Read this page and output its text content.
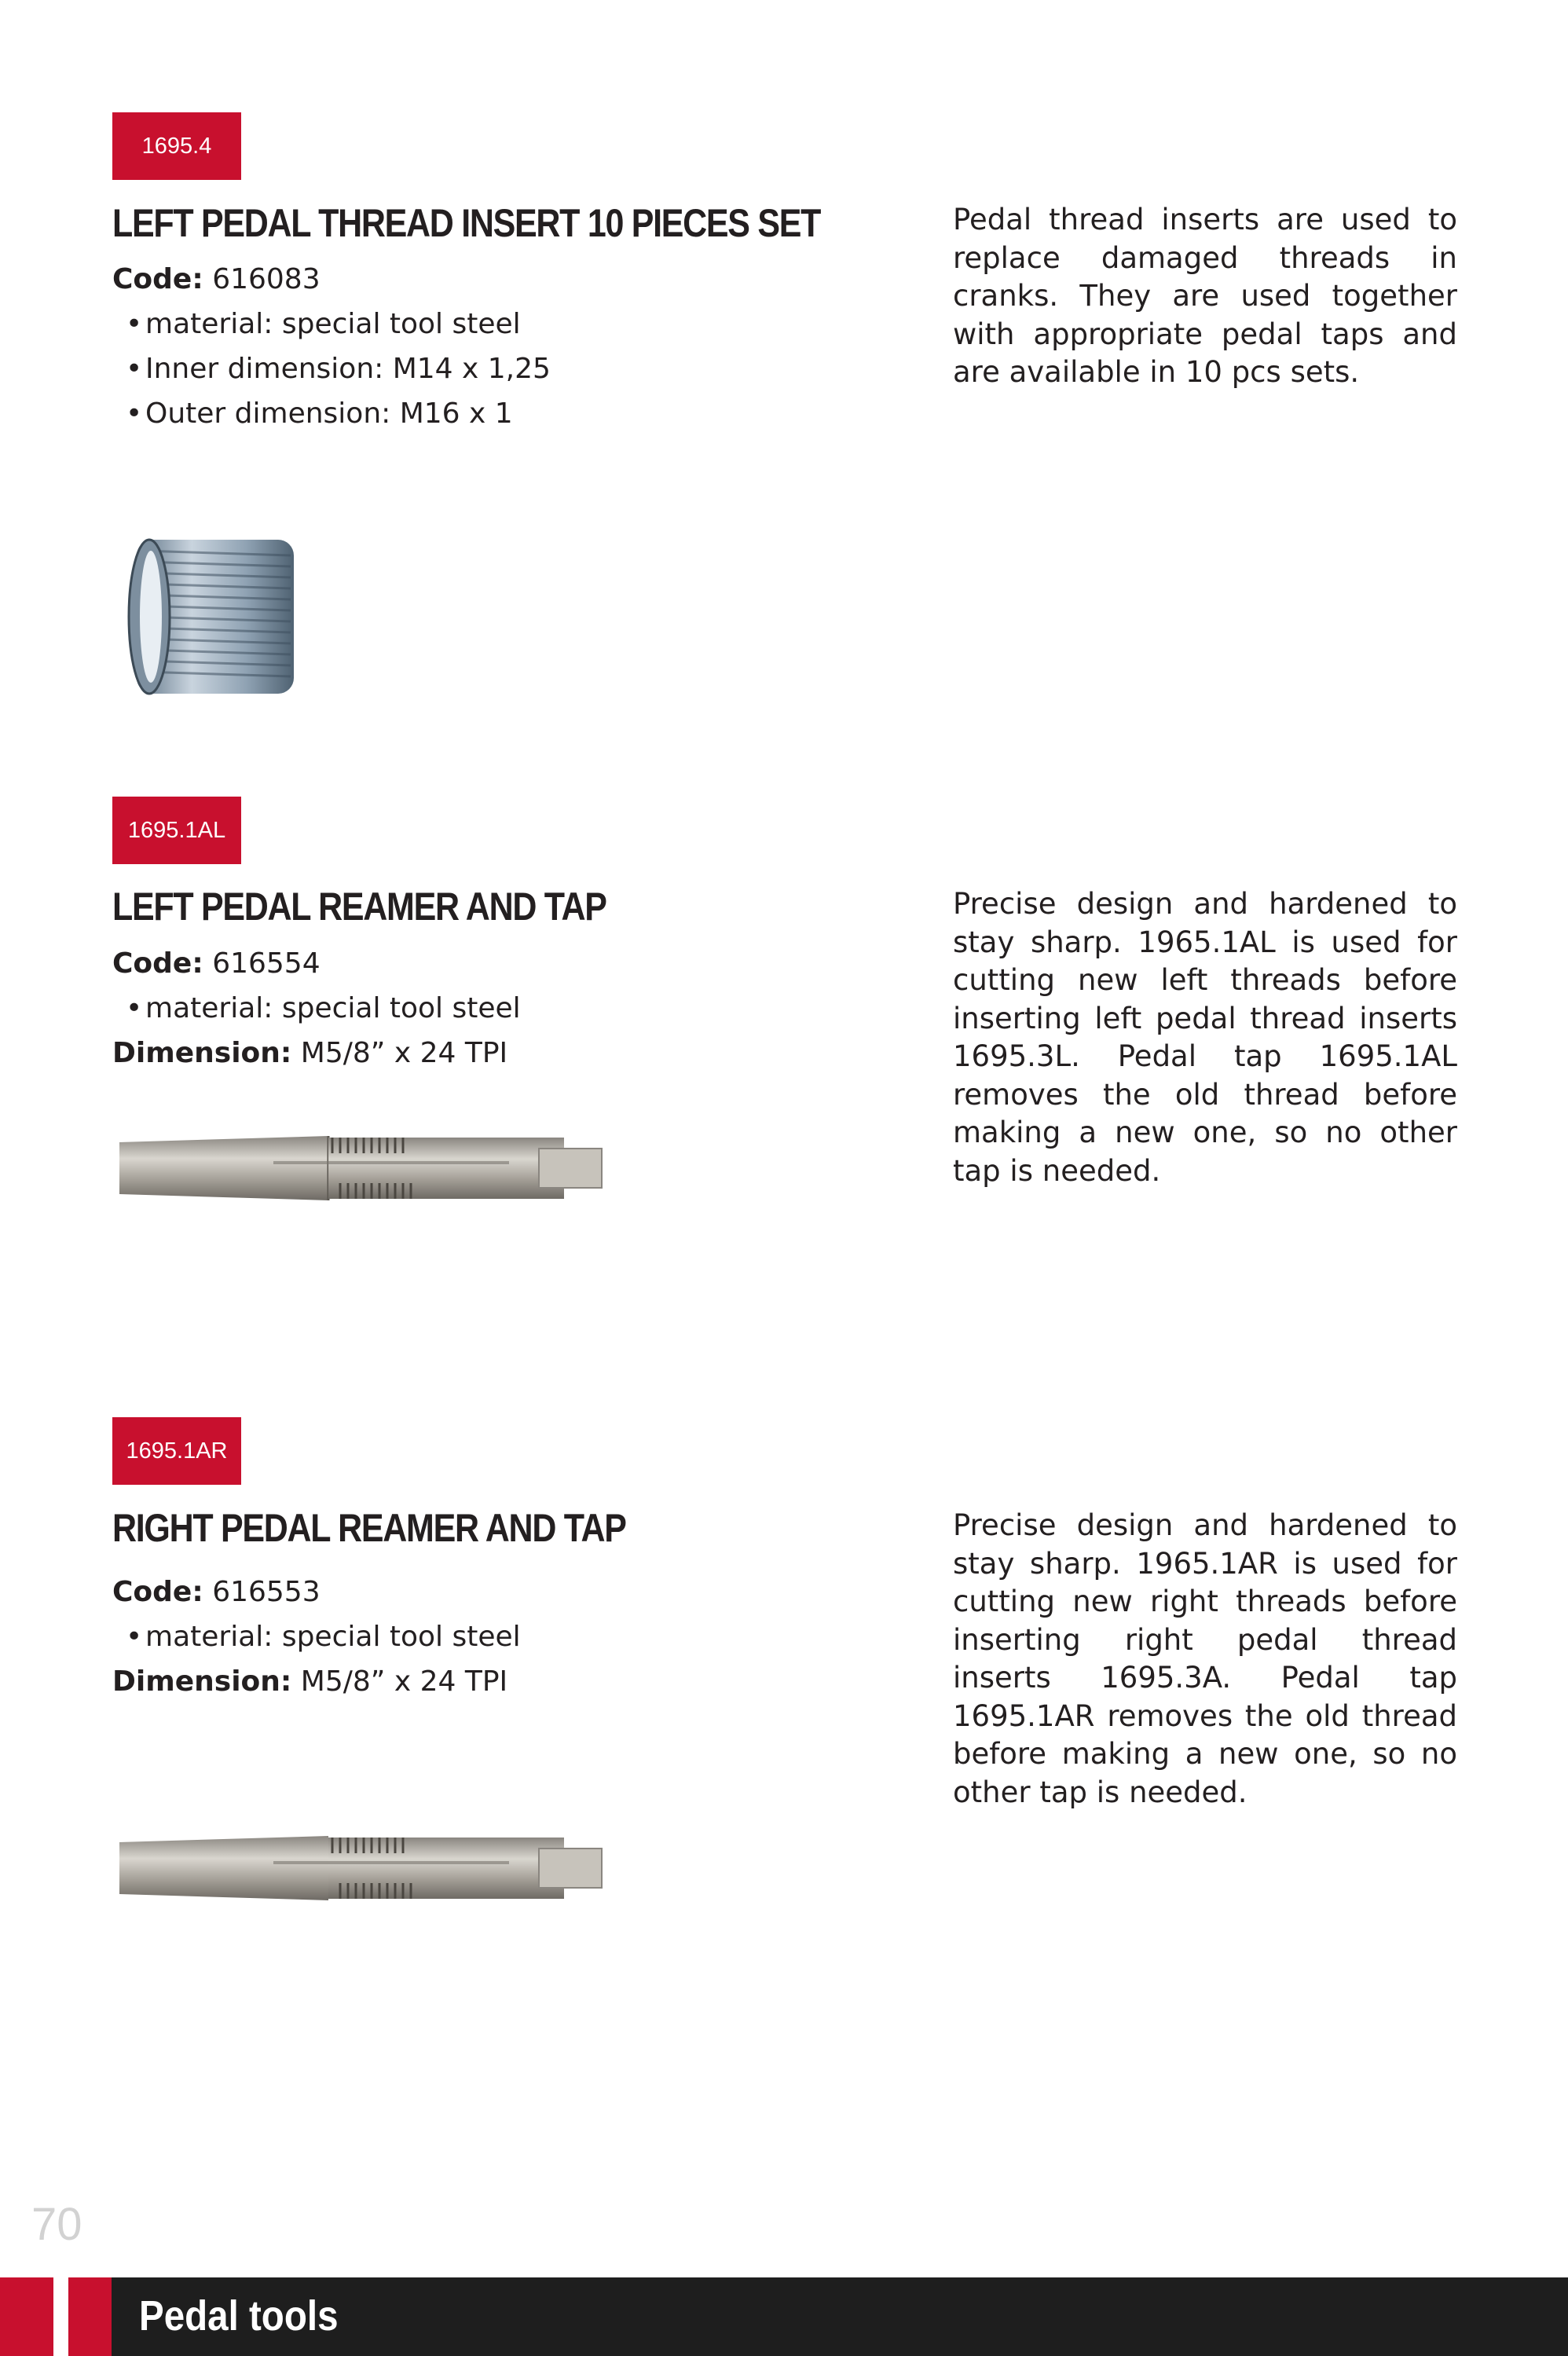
1695.4
LEFT PEDAL THREAD INSERT 10 PIECES SET
Code: 616083
• material: special tool steel
• Inner dimension: M14 x 1,25
• Outer dimension: M16 x 1

Pedal thread inserts are used to replace damaged threads in cranks. They are used together with appropriate pedal taps and are available in 10 pcs sets.

1695.1AL
LEFT PEDAL REAMER AND TAP
Code: 616554
• material: special tool steel
Dimension: M5/8” x 24 TPI

Precise design and hardened to stay sharp. 1965.1AL is used for cutting new left threads before inserting left pedal thread inserts 1695.3L. Pedal tap 1695.1AL removes the old thread before making a new one, so no other tap is needed.

1695.1AR
RIGHT PEDAL REAMER AND TAP
Code: 616553
• material: special tool steel
Dimension: M5/8” x 24 TPI

Precise design and hardened to stay sharp. 1965.1AR is used for cutting new right threads before inserting right pedal thread inserts 1695.3A. Pedal tap 1695.1AR removes the old thread before making a new one, so no other tap is needed.

70
Pedal tools
